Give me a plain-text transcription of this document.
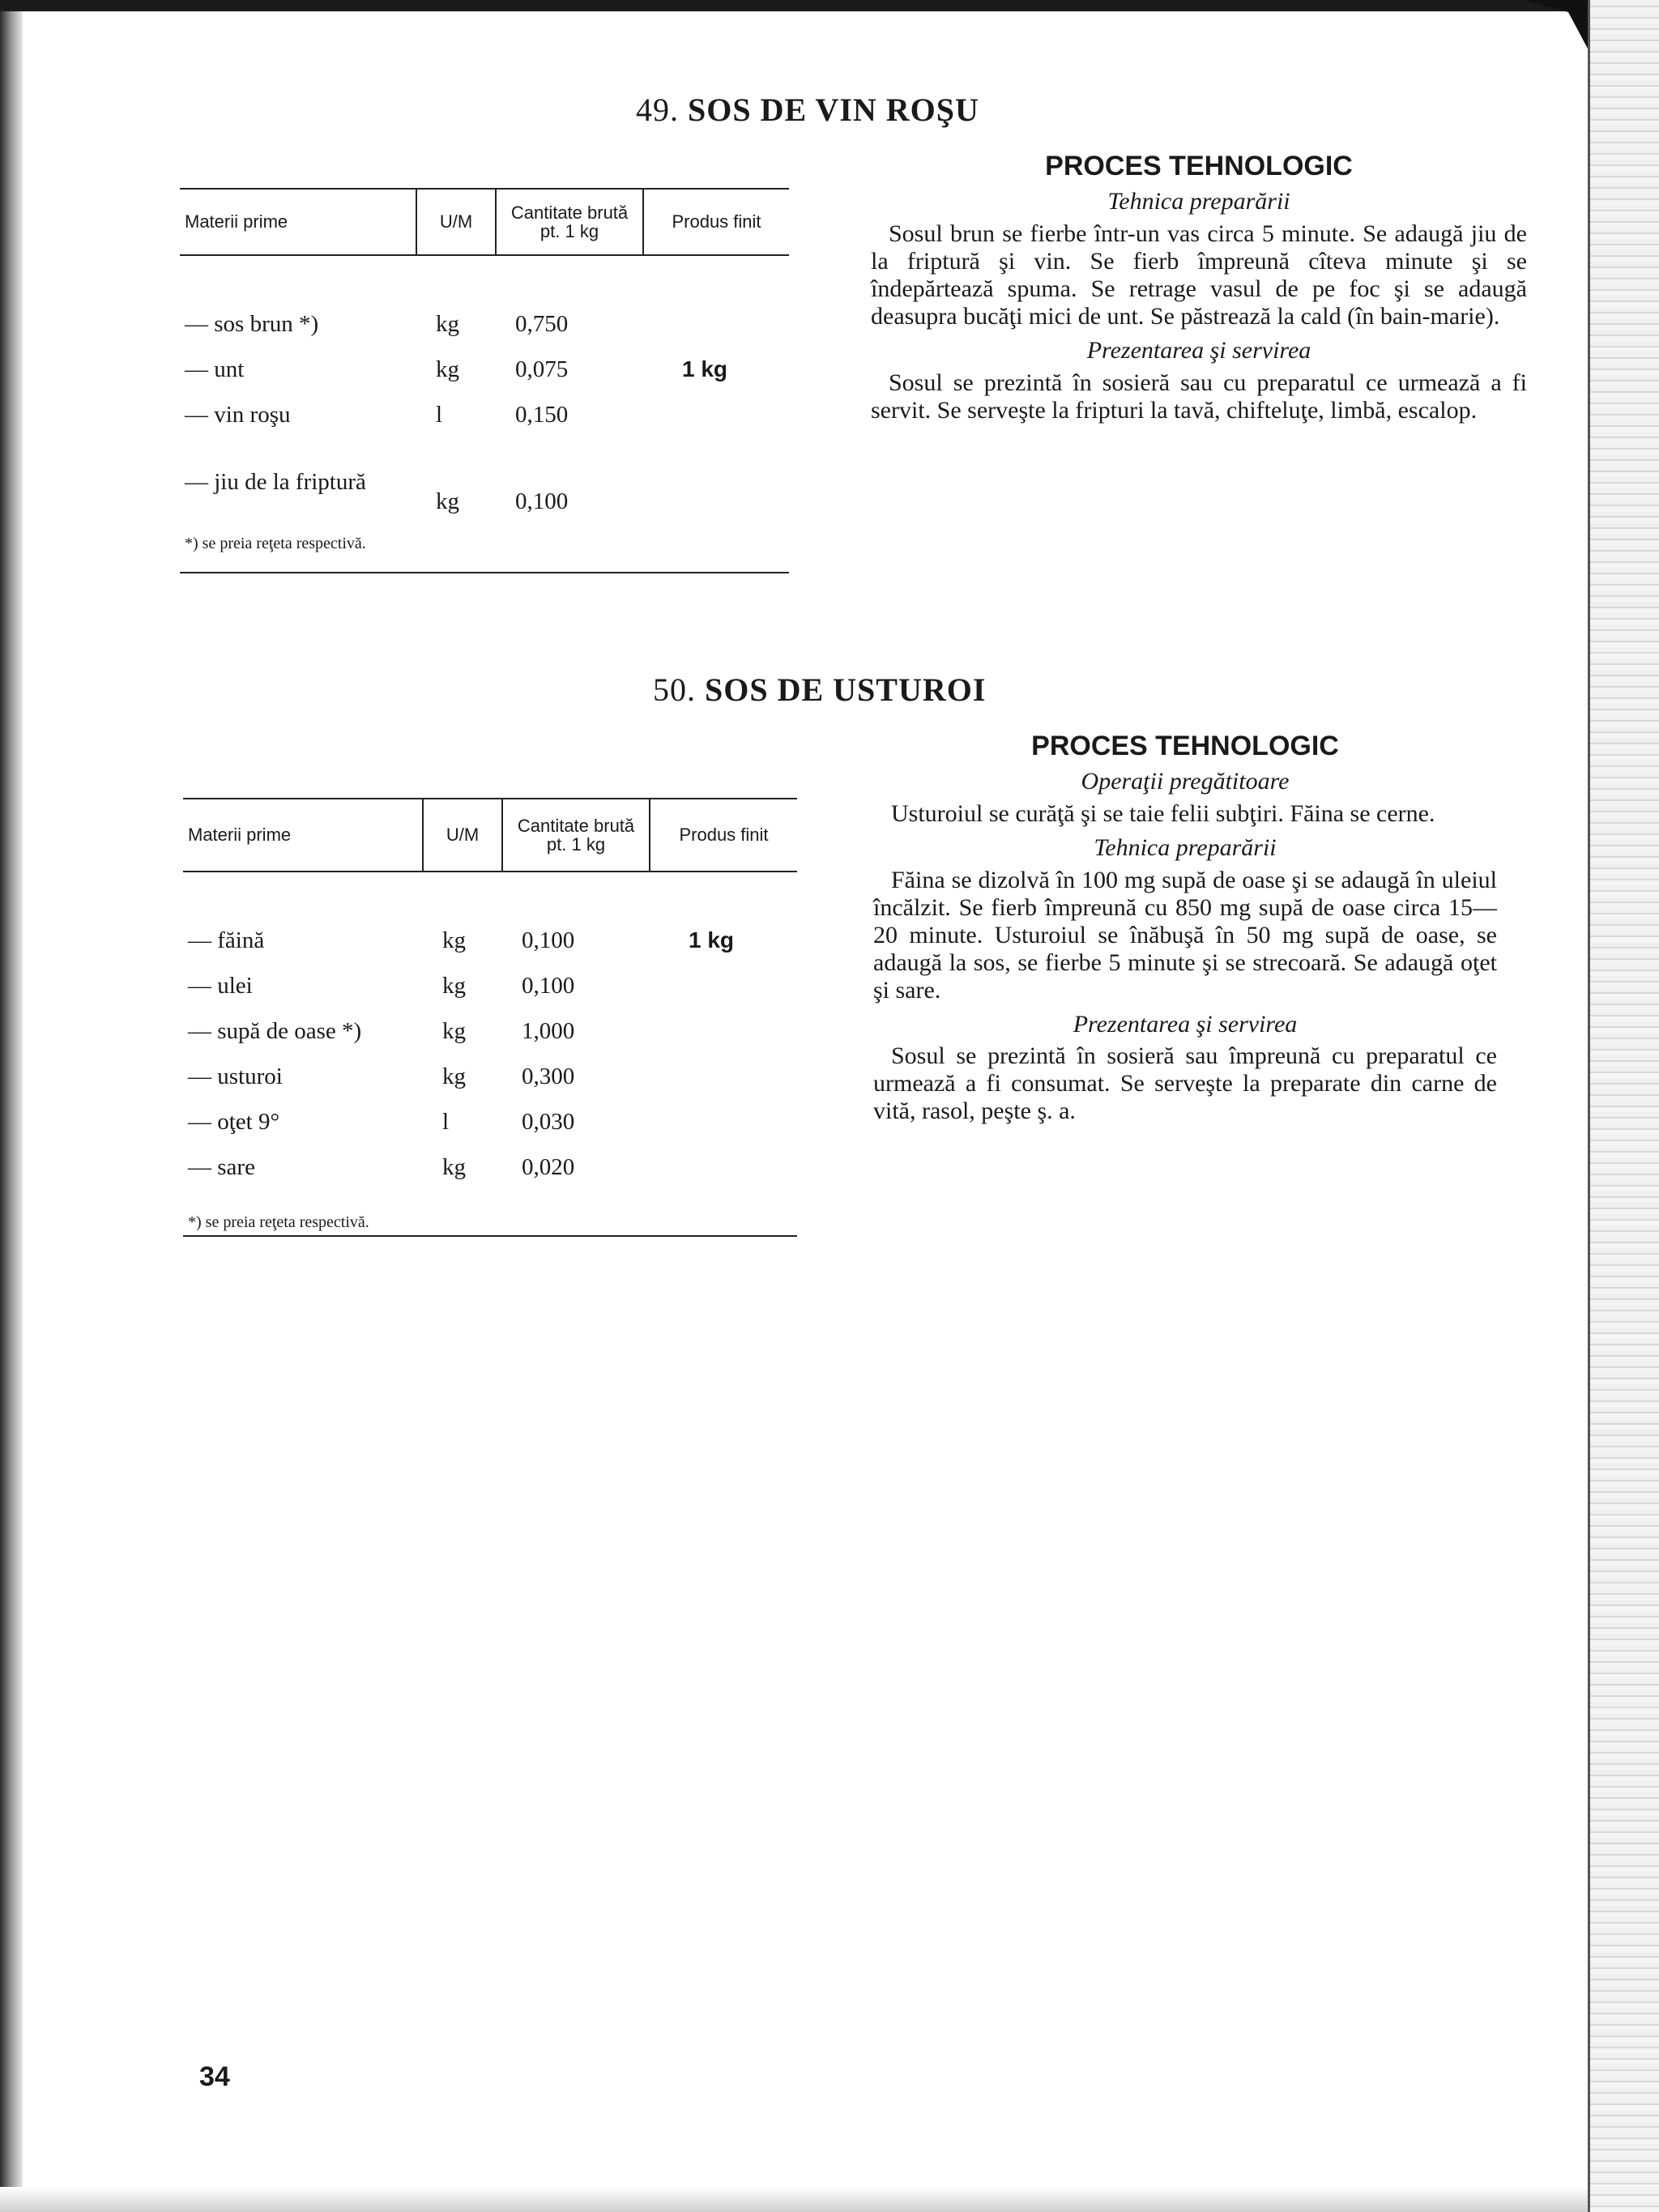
49. SOS DE VIN ROŞU
Materii prime	U/M	Cantitate brută pt. 1 kg	Produs finit

— sos brun *)	kg	0,750	
— unt	kg	0,075	1 kg
— vin roşu	l	0,150	
— jiu de la friptură	kg	0,100	

*) se preia reţeta respectivă.

PROCES TEHNOLOGIC

Tehnica preparării

Sosul brun se fierbe într-un vas circa 5 minute. Se adaugă jiu de la friptură şi vin. Se fierb împreună cîteva minute şi se îndepărtează spuma. Se retrage vasul de pe foc şi se adaugă deasupra bucăţi mici de unt. Se păstrează la cald (în bain-marie).

Prezentarea şi servirea

Sosul se prezintă în sosieră sau cu preparatul ce urmează a fi servit. Se serveşte la fripturi la tavă, chifteluţe, limbă, escalop.

50. SOS DE USTUROI
Materii prime	U/M	Cantitate brută pt. 1 kg	Produs finit

— făină	kg	0,100	1 kg
— ulei	kg	0,100	
— supă de oase *)	kg	1,000	
— usturoi	kg	0,300	
— oţet 9°	l	0,030	
— sare	kg	0,020	

*) se preia reţeta respectivă.

PROCES TEHNOLOGIC

Operaţii pregătitoare

Usturoiul se curăţă şi se taie felii subţiri. Făina se cerne.

Tehnica preparării

Făina se dizolvă în 100 mg supă de oase şi se adaugă în uleiul încălzit. Se fierb împreună cu 850 mg supă de oase circa 15—20 minute. Usturoiul se înăbuşă în 50 mg supă de oase, se adaugă la sos, se fierbe 5 minute şi se strecoară. Se adaugă oţet şi sare.

Prezentarea şi servirea

Sosul se prezintă în sosieră sau împreună cu preparatul ce urmează a fi consumat. Se serveşte la preparate din carne de vită, rasol, peşte ş. a.

34
